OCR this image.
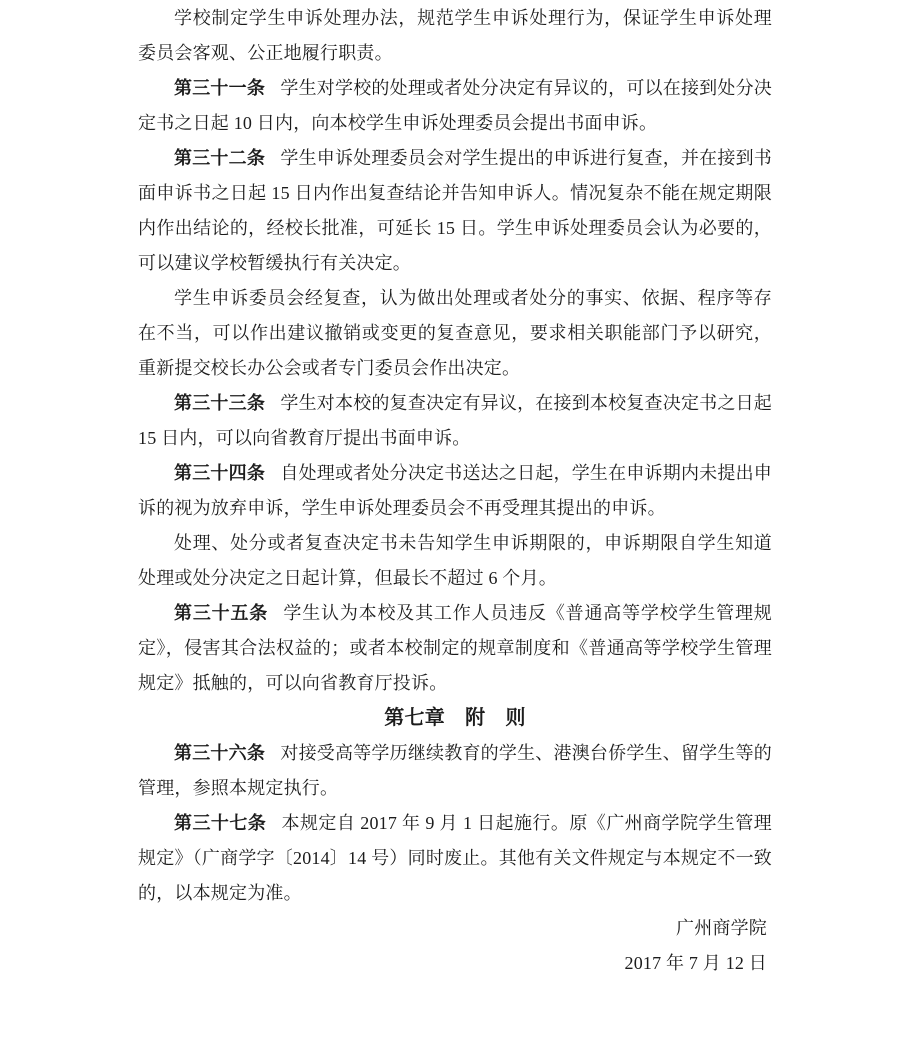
学校制定学生申诉处理办法，规范学生申诉处理行为，保证学生申诉处理委员会客观、公正地履行职责。

第三十一条 学生对学校的处理或者处分决定有异议的，可以在接到处分决定书之日起 10 日内，向本校学生申诉处理委员会提出书面申诉。

第三十二条 学生申诉处理委员会对学生提出的申诉进行复查，并在接到书面申诉书之日起 15 日内作出复查结论并告知申诉人。情况复杂不能在规定期限内作出结论的，经校长批准，可延长 15 日。学生申诉处理委员会认为必要的，可以建议学校暂缓执行有关决定。

学生申诉委员会经复查，认为做出处理或者处分的事实、依据、程序等存在不当，可以作出建议撤销或变更的复查意见，要求相关职能部门予以研究，重新提交校长办公会或者专门委员会作出决定。

第三十三条 学生对本校的复查决定有异议，在接到本校复查决定书之日起 15 日内，可以向省教育厅提出书面申诉。

第三十四条 自处理或者处分决定书送达之日起，学生在申诉期内未提出申诉的视为放弃申诉，学生申诉处理委员会不再受理其提出的申诉。

处理、处分或者复查决定书未告知学生申诉期限的，申诉期限自学生知道处理或处分决定之日起计算，但最长不超过 6 个月。

第三十五条 学生认为本校及其工作人员违反《普通高等学校学生管理规定》，侵害其合法权益的；或者本校制定的规章制度和《普通高等学校学生管理规定》抵触的，可以向省教育厅投诉。

第七章　附　则

第三十六条 对接受高等学历继续教育的学生、港澳台侨学生、留学生等的管理，参照本规定执行。

第三十七条 本规定自 2017 年 9 月 1 日起施行。原《广州商学院学生管理规定》（广商学字〔2014〕14 号）同时废止。其他有关文件规定与本规定不一致的，以本规定为准。

广州商学院

2017 年 7 月 12 日
